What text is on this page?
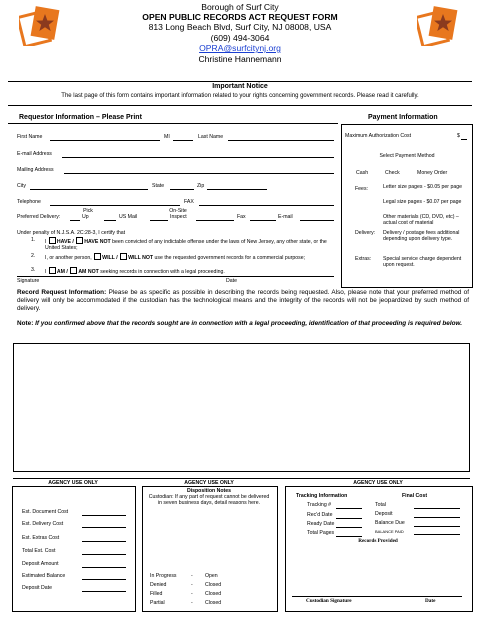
Borough of Surf City
OPEN PUBLIC RECORDS ACT REQUEST FORM
813 Long Beach Blvd, Surf City, NJ 08008, USA
(609) 494-3064
OPRA@surfcitynj.org
Christine Hannemann
Important Notice
The last page of this form contains important information related to your rights concerning government records. Please read it carefully.
Requestor Information – Please Print	Payment Information
First Name	MI	Last Name
E-mail Address
Mailing Address
City	State	Zip
Telephone	FAX
Pick	On-Site
Preferred Delivery:	Up	US Mail	Inspect	Fax	E-mail
Under penalty of N.J.S.A. 2C:28-3, I certify that
1. I HAVE / HAVE NOT been convicted of any indictable offense under the laws of New Jersey, any other state, or the United States;
2. I, or another person, WILL / WILL NOT use the requested government records for a commercial purpose;
3. I AM / AM NOT seeking records in connection with a legal proceeding.
Signature	Date
Maximum Authorization Cost	$
Select Payment Method
Cash	Check	Money Order
Fees:	Letter size pages - $0.05 per page
Legal size pages - $0.07 per page
Other materials (CD, DVD, etc) – actual cost of material
Delivery: Delivery / postage fees additional depending upon delivery type.
Extras: Special service charge dependent upon request.
Record Request Information: Please be as specific as possible in describing the records being requested. Also, please note that your preferred method of delivery will only be accommodated if the custodian has the technological means and the integrity of the records will not be jeopardized by such method of delivery.
Note: If you confirmed above that the records sought are in connection with a legal proceeding, identification of that proceeding is required below.
AGENCY USE ONLY	AGENCY USE ONLY	AGENCY USE ONLY
Est. Document Cost
Est. Delivery Cost
Est. Extras Cost
Total Est. Cost
Deposit Amount
Estimated Balance
Deposit Date
Disposition Notes
Custodian: If any part of request cannot be delivered in seven business days, detail reasons here.
In Progress	- Open
Denied	- Closed
Filled	- Closed
Partial	- Closed
Tracking Information
Tracking #
Rec'd Date
Ready Date
Total Pages
Final Cost
Total
Deposit
Balance Due
BALANCE PAID
Records Provided
Custodian Signature	Date
